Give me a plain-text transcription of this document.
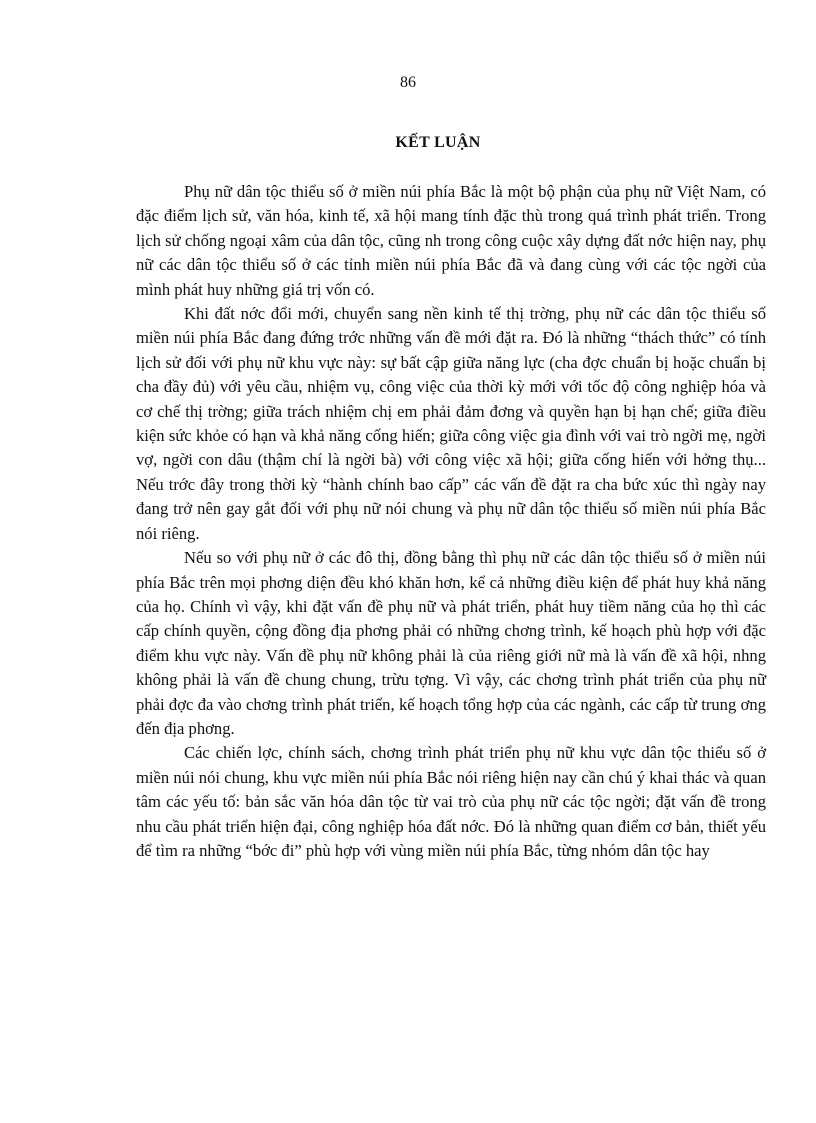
86
KẾT LUẬN

Phụ nữ dân tộc thiểu số ở miền núi phía Bắc là một bộ phận của phụ nữ Việt Nam, có đặc điểm lịch sử, văn hóa, kinh tế, xã hội mang tính đặc thù trong quá trình phát triển. Trong lịch sử chống ngoại xâm của dân tộc, cũng nh trong công cuộc xây dựng đất nớc hiện nay, phụ nữ các dân tộc thiểu số ở các tỉnh miền núi phía Bắc đã và đang cùng với các tộc ngời của mình phát huy những giá trị vốn có.

Khi đất nớc đổi mới, chuyển sang nền kinh tế thị trờng, phụ nữ các dân tộc thiểu số miền núi phía Bắc đang đứng trớc những vấn đề mới đặt ra. Đó là những “thách thức” có tính lịch sử đối với phụ nữ khu vực này: sự bất cập giữa năng lực (cha đợc chuẩn bị hoặc chuẩn bị cha đầy đủ) với yêu cầu, nhiệm vụ, công việc của thời kỳ mới với tốc độ công nghiệp hóa và cơ chế thị trờng; giữa trách nhiệm chị em phải đảm đơng và quyền hạn bị hạn chế; giữa điều kiện sức khỏe có hạn và khả năng cống hiến; giữa công việc gia đình với vai trò ngời mẹ, ngời vợ, ngời con dâu (thậm chí là ngời bà) với công việc xã hội; giữa cống hiến với hởng thụ... Nếu trớc đây trong thời kỳ “hành chính bao cấp” các vấn đề đặt ra cha bức xúc thì ngày nay đang trở nên gay gắt đối với phụ nữ nói chung và phụ nữ dân tộc thiểu số miền núi phía Bắc nói riêng.

Nếu so với phụ nữ ở các đô thị, đồng bằng thì phụ nữ các dân tộc thiểu số ở miền núi phía Bắc trên mọi phơng diện đều khó khăn hơn, kể cả những điều kiện để phát huy khả năng của họ. Chính vì vậy, khi đặt vấn đề phụ nữ và phát triển, phát huy tiềm năng của họ thì các cấp chính quyền, cộng đồng địa phơng phải có những chơng trình, kế hoạch phù hợp với đặc điểm khu vực này. Vấn đề phụ nữ không phải là của riêng giới nữ mà là vấn đề xã hội, nhng không phải là vấn đề chung chung, trừu tợng. Vì vậy, các chơng trình phát triển của phụ nữ phải đợc đa vào chơng trình phát triển, kế hoạch tổng hợp của các ngành, các cấp từ trung ơng đến địa phơng.

Các chiến lợc, chính sách, chơng trình phát triển phụ nữ khu vực dân tộc thiểu số ở miền núi nói chung, khu vực miền núi phía Bắc nói riêng hiện nay cần chú ý khai thác và quan tâm các yếu tố: bản sắc văn hóa dân tộc từ vai trò của phụ nữ các tộc ngời; đặt vấn đề trong nhu cầu phát triển hiện đại, công nghiệp hóa đất nớc. Đó là những quan điểm cơ bản, thiết yếu để tìm ra những “bớc đi” phù hợp với vùng miền núi phía Bắc, từng nhóm dân tộc hay
